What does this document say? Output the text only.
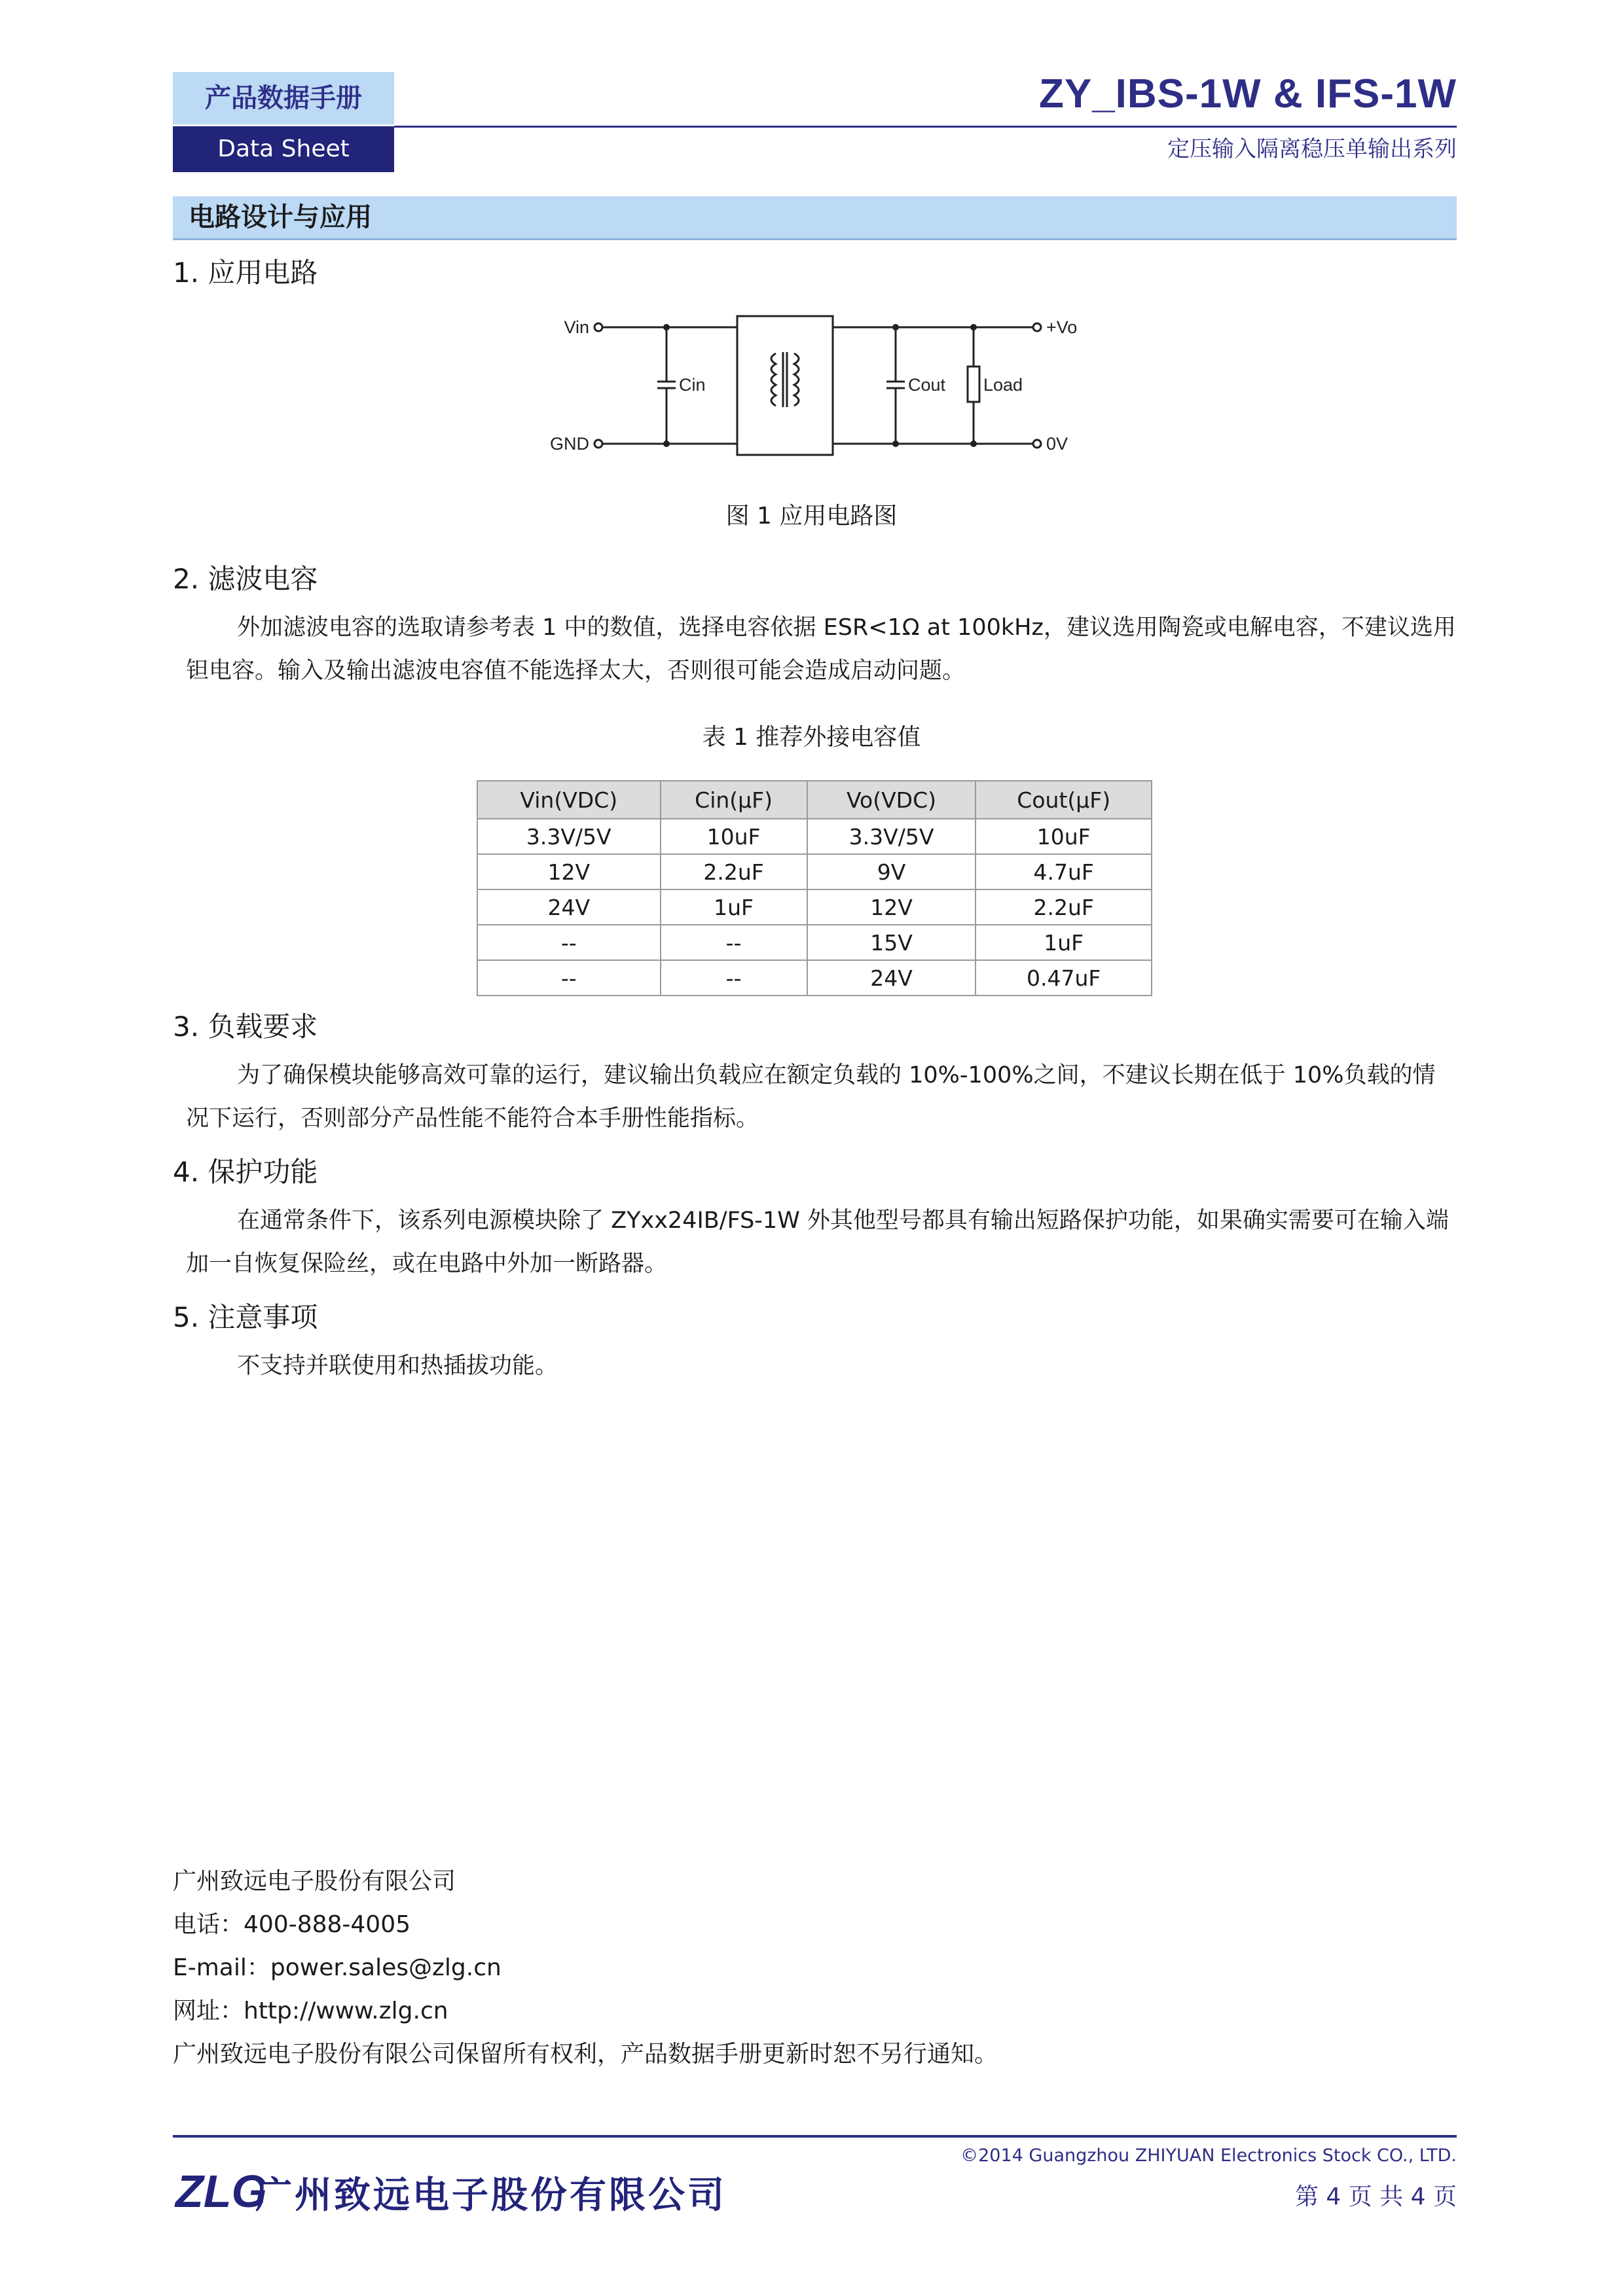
产品数据手册
Data Sheet
ZY_IBS-1W & IFS-1W
定压输入隔离稳压单输出系列
电路设计与应用
1. 应用电路
Vin
GND
Cin	Cout Load
+Vo
0V
图 1 应用电路图
2. 滤波电容
外加滤波电容的选取请参考表 1 中的数值，选择电容依据 ESR<1Ω at 100kHz，建议选用陶瓷或电解电容，不建议选用钽电容。输入及输出滤波电容值不能选择太大，否则很可能会造成启动问题。
表 1 推荐外接电容值
Vin(VDC)	Cin(μF)	Vo(VDC)	Cout(μF)
3.3V/5V	10uF	3.3V/5V	10uF
12V	2.2uF	9V	4.7uF
24V	1uF	12V	2.2uF
--	--	15V	1uF
--	--	24V	0.47uF
3. 负载要求
为了确保模块能够高效可靠的运行，建议输出负载应在额定负载的 10%-100%之间，不建议长期在低于 10%负载的情况下运行，否则部分产品性能不能符合本手册性能指标。
4. 保护功能
在通常条件下，该系列电源模块除了 ZYxx24IB/FS-1W 外其他型号都具有输出短路保护功能，如果确实需要可在输入端加一自恢复保险丝，或在电路中外加一断路器。
5. 注意事项
不支持并联使用和热插拔功能。
广州致远电子股份有限公司
电话：400-888-4005
E-mail：power.sales@zlg.cn
网址：http://www.zlg.cn
广州致远电子股份有限公司保留所有权利，产品数据手册更新时恕不另行通知。
©2014 Guangzhou ZHIYUAN Electronics Stock CO., LTD.
第 4 页 共 4 页
ZLG
广州致远电子股份有限公司
